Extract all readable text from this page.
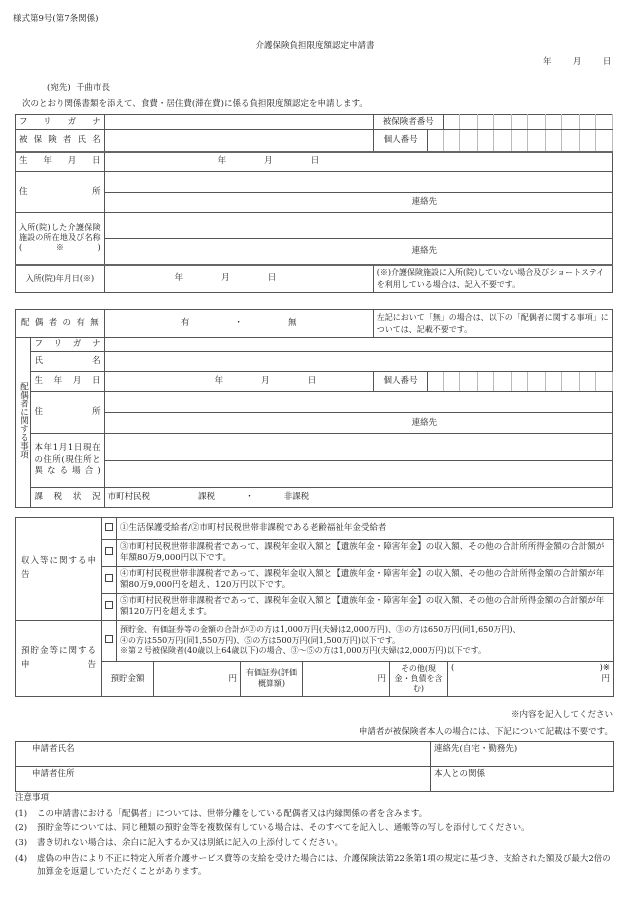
様式第9号(第7条関係)
介護保険負担限度額認定申請書
年	月	日
(宛先) 千曲市長
次のとおり関係書類を添えて、食費・居住費(滞在費)に係る負担限度額認定を申請します。
フリガナ		被保険者番号											
被保険者氏名		個人番号											
生年月日	年 月 日												
住所													
	連絡先												
入所(院)した介護保険施設の所在地及び名称(※)													
	連絡先												
入所(院)年月日(※)	年 月 日	(※)介護保険施設に入所(院)していない場合及びショートステイを利用している場合は、記入不要です。											
配偶者の有無		有 ・ 無	左記において「無」の場合は、以下の「配偶者に関する事項」については、記載不要です。											
配偶者に関する事項	フリガナ													
	氏名													
	生年月日	年 月 日	個人番号											
	住所													
		連絡先												
	本年1月1日現在の住所(現住所と異なる場合)													

	課税状況	市町村民税 課税 ・ 非課税												
収入等に関する申告		①生活保護受給者/②市町村民税世帯非課税である老齢福祉年金受給者					
		③市町村民税世帯非課税者であって、課税年金収入額と【遺族年金・障害年金】の収入額、その他の合計所所得金額の合計額が年額80万9,000円以下です。					
		④市町村民税世帯非課税者であって、課税年金収入額と【遺族年金・障害年金】の収入額、その他の合計所得金額の合計額が年額80万9,000円を超え、120万円以下です。					
		⑤市町村民税世帯非課税者であって、課税年金収入額と【遺族年金・障害年金】の収入額、その他の合計所得金額の合計額が年額120万円を超えます。					
預貯金等に関する申告		預貯金、有価証券等の金額の合計が②の方は1,000万円(夫婦は2,000万円)、③の方は650万円(同1,650万円)、
④の方は550万円(同1,550万円)、⑤の方は500万円(同1,500万円)以下です。
※第２号被保険者(40歳以上64歳以下)の場合、③～⑤の方は1,000万円(夫婦は2,000万円)以下です。					

	預貯金額		円	有価証券(評価概算額)	円	その他(現金・負債を含む)	( )※
円
※内容を記入してください
申請者が被保険者本人の場合には、下記について記載は不要です。
申請者氏名	連絡先(自宅・勤務先)
申請者住所	本人との関係

注意事項

(1)	この申請書における「配偶者」については、世帯分離をしている配偶者又は内縁関係の者を含みます。

(2)	預貯金等については、同じ種類の預貯金等を複数保有している場合は、そのすべてを記入し、通帳等の写しを添付してください。

(3)	書き切れない場合は、余白に記入するか又は別紙に記入の上添付してください。

(4)	虚偽の申告により不正に特定入所者介護サービス費等の支給を受けた場合には、介護保険法第22条第1項の規定に基づき、支給された額及び最大2倍の加算金を返還していただくことがあります。
